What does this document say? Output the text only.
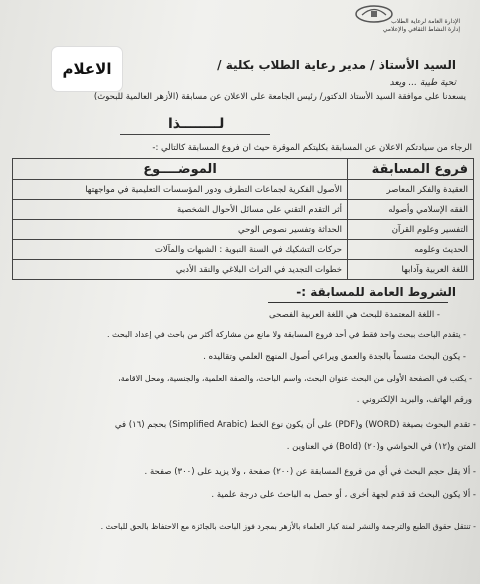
الإدارة العامة لرعاية الطلاب
إدارة النشاط الثقافي والإعلامي
الاعلام	السيد الأستاذ / مدير رعاية الطلاب بكلية /
تحية طيبة ... وبعد
يسعدنا على موافقة السيد الأستاذ الدكتور/ رئيس الجامعة على الاعلان عن مسابقة (الأزهر العالمية للبحوث)
لــــــــذا
الرجاء من سيادتكم الاعلان عن المسابقة بكليتكم الموقرة حيث ان فروع المسابقة كالتالي :-
فروع المسابقة	الموضــــوع
العقيدة والفكر المعاصر	الأصول الفكرية لجماعات التطرف ودور المؤسسات التعليمية في مواجهتها
الفقه الإسلامي وأصوله	أثر التقدم التقني على مسائل الأحوال الشخصية
التفسير وعلوم القرآن	الحداثة وتفسير نصوص الوحي
الحديث وعلومه	حركات التشكيك في السنة النبوية : الشبهات والمآلات
اللغة العربية وآدابها	خطوات التجديد في التراث البلاغي والنقد الأدبي
الشروط العامة للمسابقة :-
- اللغة المعتمدة للبحث هي اللغة العربية الفصحى
- يتقدم الباحث ببحث واحد فقط في أحد فروع المسابقة ولا مانع من مشاركة أكثر من باحث في إعداد البحث .
- يكون البحث متسماً بالجدة والعمق ويراعي أصول المنهج العلمي وتقاليده .
- يكتب في الصفحة الأولى من البحث عنوان البحث، واسم الباحث، والصفة العلمية، والجنسية، ومحل الاقامة،
ورقم الهاتف، والبريد الإلكتروني .
- تقدم البحوث بصيغة (WORD) و(PDF) على أن يكون نوع الخط (Simplified Arabic) بحجم (١٦) في
المتن و(١٢) في الحواشي و(٢٠) (Bold) في العناوين .
- ألا يقل حجم البحث في أي من فروع المسابقة عن (٢٠٠) صفحة ، ولا يزيد على (٣٠٠) صفحة .
- ألا يكون البحث قد قدم لجهة أخرى ، أو حصل به الباحث على درجة علمية .
- تنتقل حقوق الطبع والترجمة والنشر لمنة كبار العلماء بالأزهر بمجرد فوز الباحث بالجائزة مع الاحتفاظ بالحق للباحث .
